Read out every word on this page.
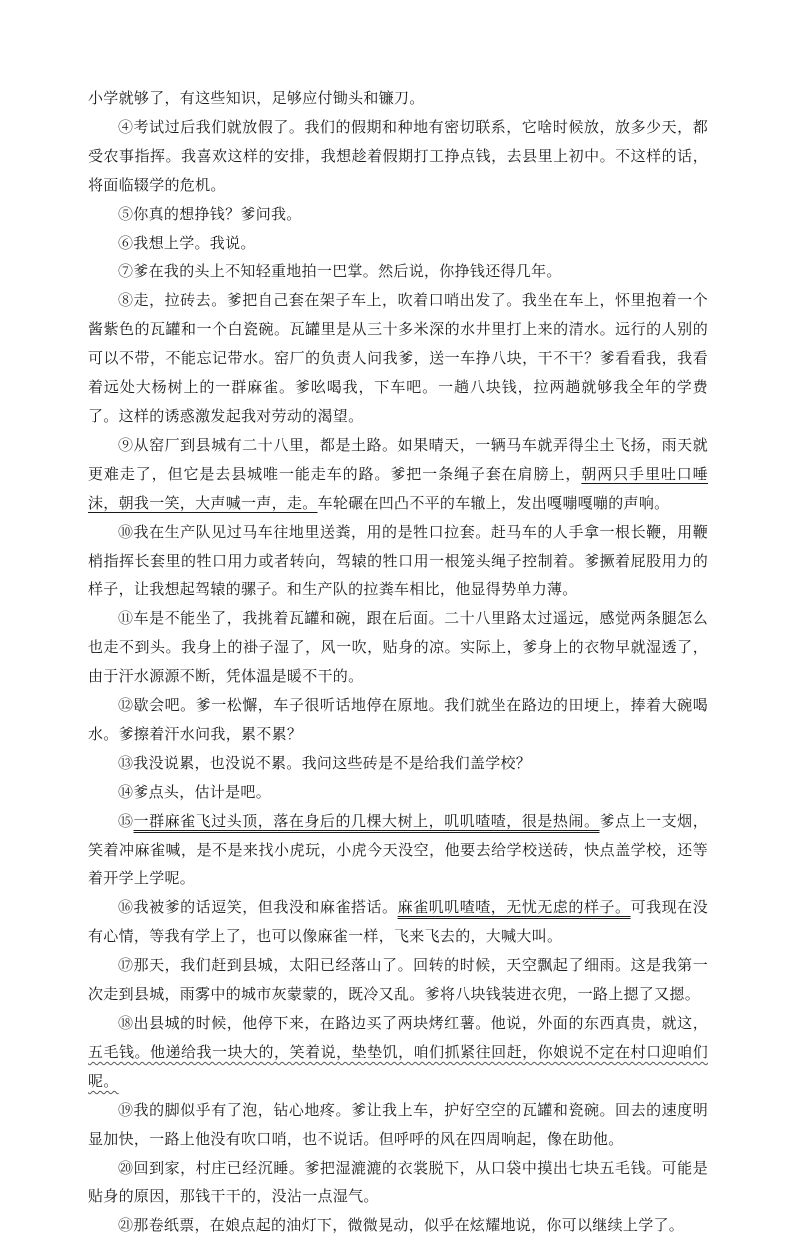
小学就够了，有这些知识，足够应付锄头和镰刀。

④考试过后我们就放假了。我们的假期和种地有密切联系，它啥时候放，放多少天，都受农事指挥。我喜欢这样的安排，我想趁着假期打工挣点钱，去县里上初中。不这样的话，将面临辍学的危机。

⑤你真的想挣钱？爹问我。

⑥我想上学。我说。

⑦爹在我的头上不知轻重地拍一巴掌。然后说，你挣钱还得几年。

⑧走，拉砖去。爹把自己套在架子车上，吹着口哨出发了。我坐在车上，怀里抱着一个酱紫色的瓦罐和一个白瓷碗。瓦罐里是从三十多米深的水井里打上来的清水。远行的人别的可以不带，不能忘记带水。窑厂的负责人问我爹，送一车挣八块，干不干？爹看看我，我看着远处大杨树上的一群麻雀。爹吆喝我，下车吧。一趟八块钱，拉两趟就够我全年的学费了。这样的诱惑激发起我对劳动的渴望。

⑨从窑厂到县城有二十八里，都是土路。如果晴天，一辆马车就弄得尘土飞扬，雨天就更难走了，但它是去县城唯一能走车的路。爹把一条绳子套在肩膀上，朝两只手里吐口唾沫，朝我一笑，大声喊一声，走。车轮碾在凹凸不平的车辙上，发出嘎嘣嘎嘣的声响。

⑩我在生产队见过马车往地里送粪，用的是牲口拉套。赶马车的人手拿一根长鞭，用鞭梢指挥长套里的牲口用力或者转向，驾辕的牲口用一根笼头绳子控制着。爹撅着屁股用力的样子，让我想起驾辕的骡子。和生产队的拉粪车相比，他显得势单力薄。

⑪车是不能坐了，我挑着瓦罐和碗，跟在后面。二十八里路太过遥远，感觉两条腿怎么也走不到头。我身上的褂子湿了，风一吹，贴身的凉。实际上，爹身上的衣物早就湿透了，由于汗水源源不断，凭体温是暖不干的。

⑫歇会吧。爹一松懈，车子很听话地停在原地。我们就坐在路边的田埂上，捧着大碗喝水。爹擦着汗水问我，累不累？

⑬我没说累，也没说不累。我问这些砖是不是给我们盖学校？

⑭爹点头，估计是吧。

⑮一群麻雀飞过头顶，落在身后的几棵大树上，叽叽喳喳，很是热闹。爹点上一支烟，笑着冲麻雀喊，是不是来找小虎玩，小虎今天没空，他要去给学校送砖，快点盖学校，还等着开学上学呢。

⑯我被爹的话逗笑，但我没和麻雀搭话。麻雀叽叽喳喳，无忧无虑的样子。可我现在没有心情，等我有学上了，也可以像麻雀一样，飞来飞去的，大喊大叫。

⑰那天，我们赶到县城，太阳已经落山了。回转的时候，天空飘起了细雨。这是我第一次走到县城，雨雾中的城市灰蒙蒙的，既冷又乱。爹将八块钱装进衣兜，一路上摁了又摁。

⑱出县城的时候，他停下来，在路边买了两块烤红薯。他说，外面的东西真贵，就这，五毛钱。他递给我一块大的，笑着说，垫垫饥，咱们抓紧往回赶，你娘说不定在村口迎咱们呢。

⑲我的脚似乎有了泡，钻心地疼。爹让我上车，护好空空的瓦罐和瓷碗。回去的速度明显加快，一路上他没有吹口哨，也不说话。但呼呼的风在四周响起，像在助他。

⑳回到家，村庄已经沉睡。爹把湿漉漉的衣裳脱下，从口袋中摸出七块五毛钱。可能是贴身的原因，那钱干干的，没沾一点湿气。

㉑那卷纸票，在娘点起的油灯下，微微晃动，似乎在炫耀地说，你可以继续上学了。
